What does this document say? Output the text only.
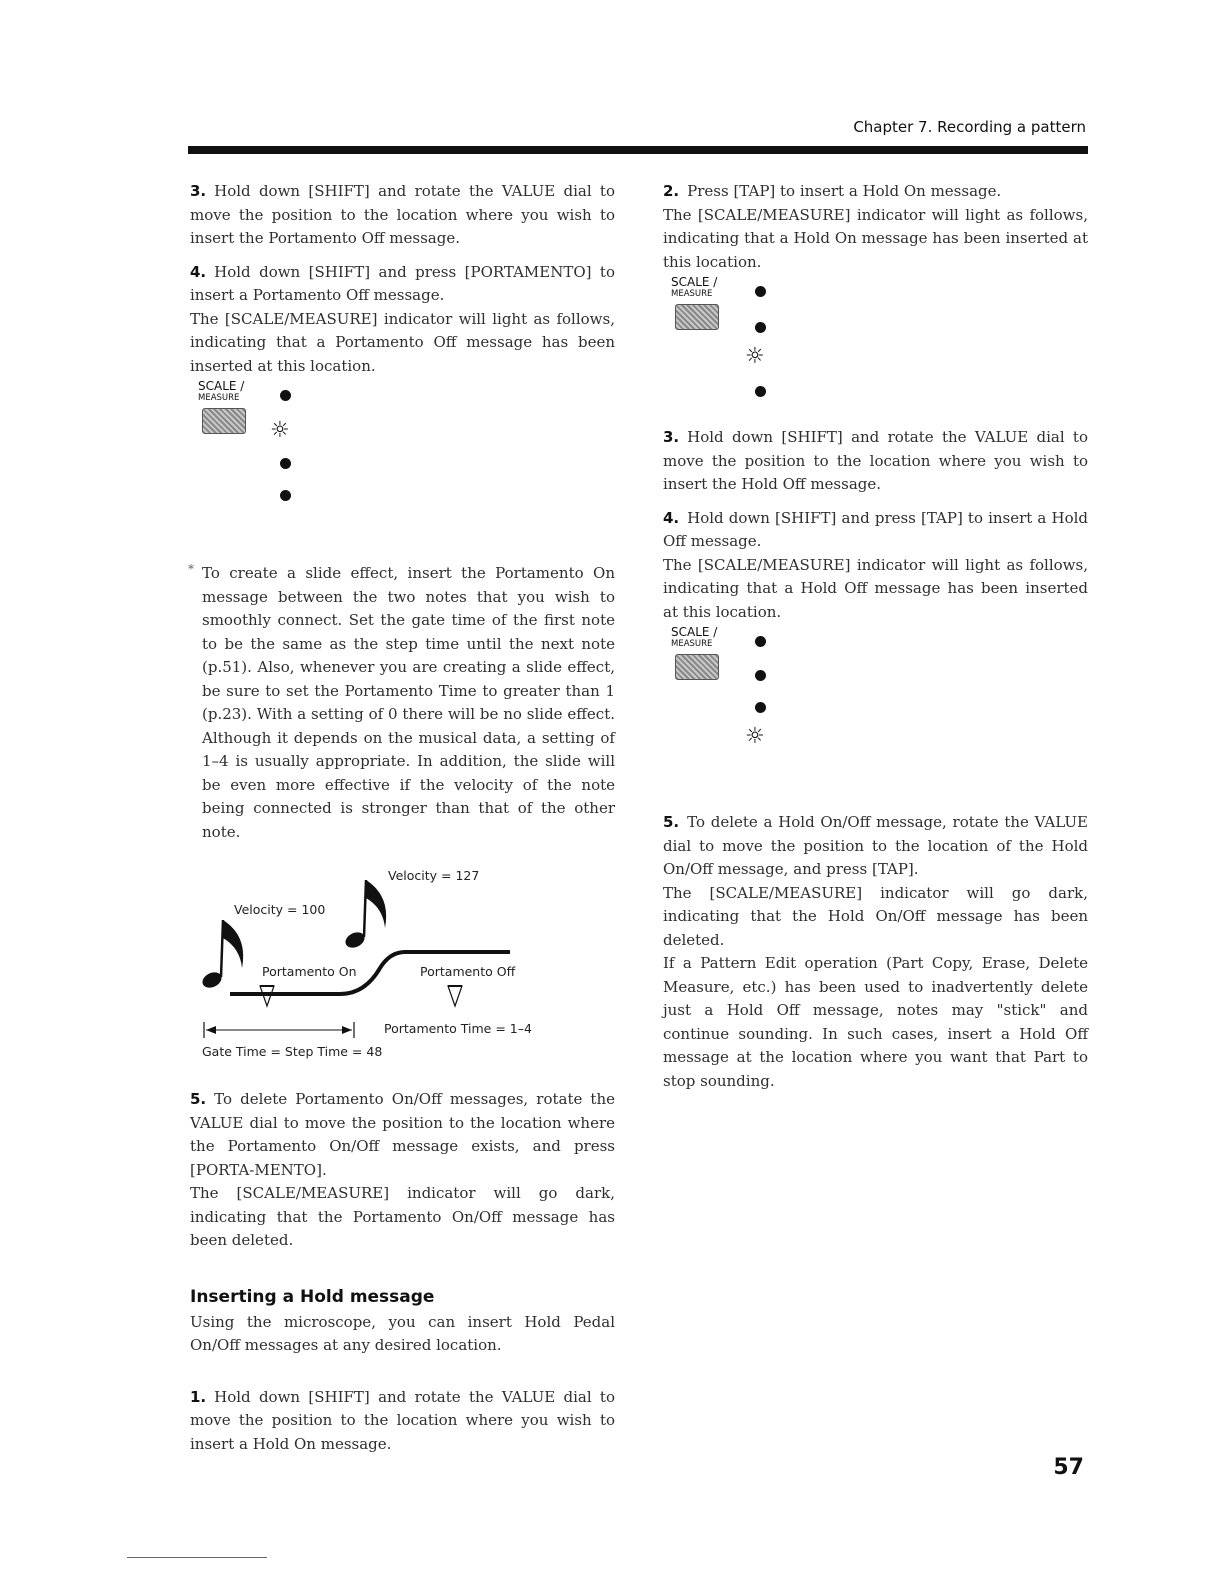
Chapter 7. Recording a pattern

3. Hold down [SHIFT] and rotate the VALUE dial to move the position to the location where you wish to insert the Portamento Off message.

4. Hold down [SHIFT] and press [PORTAMENTO] to insert a Portamento Off message.

The [SCALE/MEASURE] indicator will light as follows, indicating that a Portamento Off message has been inserted at this location.

SCALE /
MEASURE
☼
* To create a slide effect, insert the Portamento On message between the two notes that you wish to smoothly connect. Set the gate time of the first note to be the same as the step time until the next note (p.51). Also, whenever you are creating a slide effect, be sure to set the Portamento Time to greater than 1 (p.23). With a setting of 0 there will be no slide effect. Although it depends on the musical data, a setting of 1–4 is usually appropriate. In addition, the slide will be even more effective if the velocity of the note being connected is stronger than that of the other note.

Velocity = 100
Velocity = 127
Portamento On	Portamento Off
Portamento Time = 1–4
Gate Time = Step Time = 48

5. To delete Portamento On/Off messages, rotate the VALUE dial to move the position to the location where the Portamento On/Off message exists, and press [PORTA-MENTO].

The [SCALE/MEASURE] indicator will go dark, indicating that the Portamento On/Off message has been deleted.

Inserting a Hold message

Using the microscope, you can insert Hold Pedal On/Off messages at any desired location.

1. Hold down [SHIFT] and rotate the VALUE dial to move the position to the location where you wish to insert a Hold On message.

2. Press [TAP] to insert a Hold On message.

The [SCALE/MEASURE] indicator will light as follows, indicating that a Hold On message has been inserted at this location.

SCALE /
MEASURE
☼

3. Hold down [SHIFT] and rotate the VALUE dial to move the position to the location where you wish to insert the Hold Off message.

4. Hold down [SHIFT] and press [TAP] to insert a Hold Off message.

The [SCALE/MEASURE] indicator will light as follows, indicating that a Hold Off message has been inserted at this location.

SCALE /
MEASURE
☼

5. To delete a Hold On/Off message, rotate the VALUE dial to move the position to the location of the Hold On/Off message, and press [TAP].

The [SCALE/MEASURE] indicator will go dark, indicating that the Hold On/Off message has been deleted.

If a Pattern Edit operation (Part Copy, Erase, Delete Measure, etc.) has been used to inadvertently delete just a Hold Off message, notes may "stick" and continue sounding. In such cases, insert a Hold Off message at the location where you want that Part to stop sounding.

57
